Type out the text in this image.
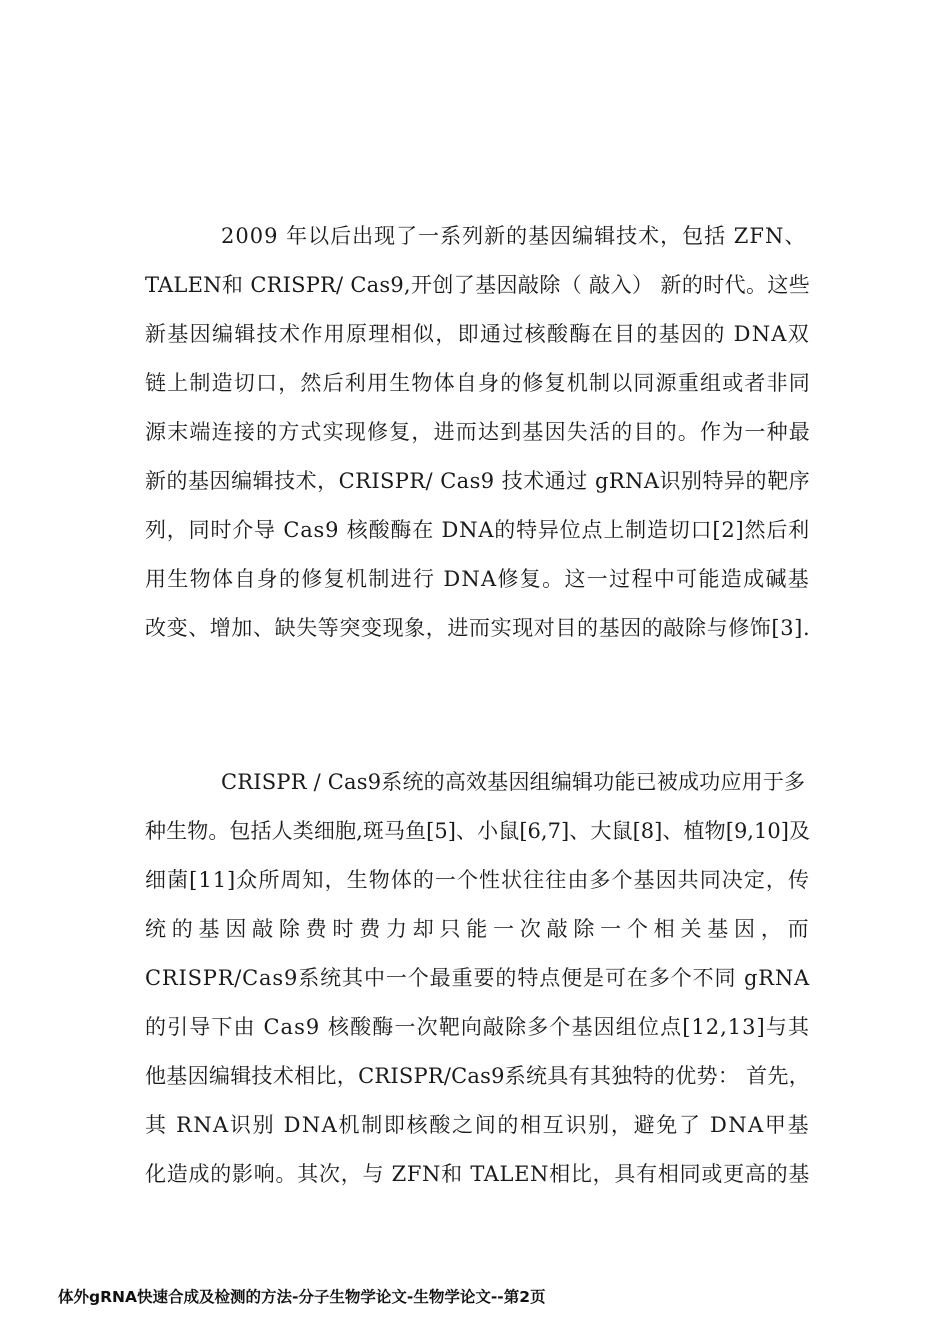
2009 年以后出现了一系列新的基因编辑技术，包括 ZFN、
TALEN和 CRISPR/ Cas9,开创了基因敲除（ 敲入） 新的时代。这些
新基因编辑技术作用原理相似，即通过核酸酶在目的基因的 DNA双
链上制造切口，然后利用生物体自身的修复机制以同源重组或者非同
源末端连接的方式实现修复，进而达到基因失活的目的。作为一种最
新的基因编辑技术，CRISPR/ Cas9 技术通过 gRNA识别特异的靶序
列，同时介导 Cas9 核酸酶在 DNA的特异位点上制造切口[2]然后利
用生物体自身的修复机制进行 DNA修复。这一过程中可能造成碱基
改变、增加、缺失等突变现象，进而实现对目的基因的敲除与修饰[3].
CRISPR / Cas9系统的高效基因组编辑功能已被成功应用于多
种生物。包括人类细胞,斑马鱼[5]、小鼠[6,7]、大鼠[8]、植物[9,10]及
细菌[11]众所周知，生物体的一个性状往往由多个基因共同决定，传
统的基因敲除费时费力却只能一次敲除一个相关基因，而
CRISPR/Cas9系统其中一个最重要的特点便是可在多个不同 gRNA
的引导下由 Cas9 核酸酶一次靶向敲除多个基因组位点[12,13]与其
他基因编辑技术相比，CRISPR/Cas9系统具有其独特的优势： 首先，
其 RNA识别 DNA机制即核酸之间的相互识别，避免了 DNA甲基
化造成的影响。其次，与 ZFN和 TALEN相比，具有相同或更高的基
体外gRNA快速合成及检测的方法-分子生物学论文-生物学论文--第2页
